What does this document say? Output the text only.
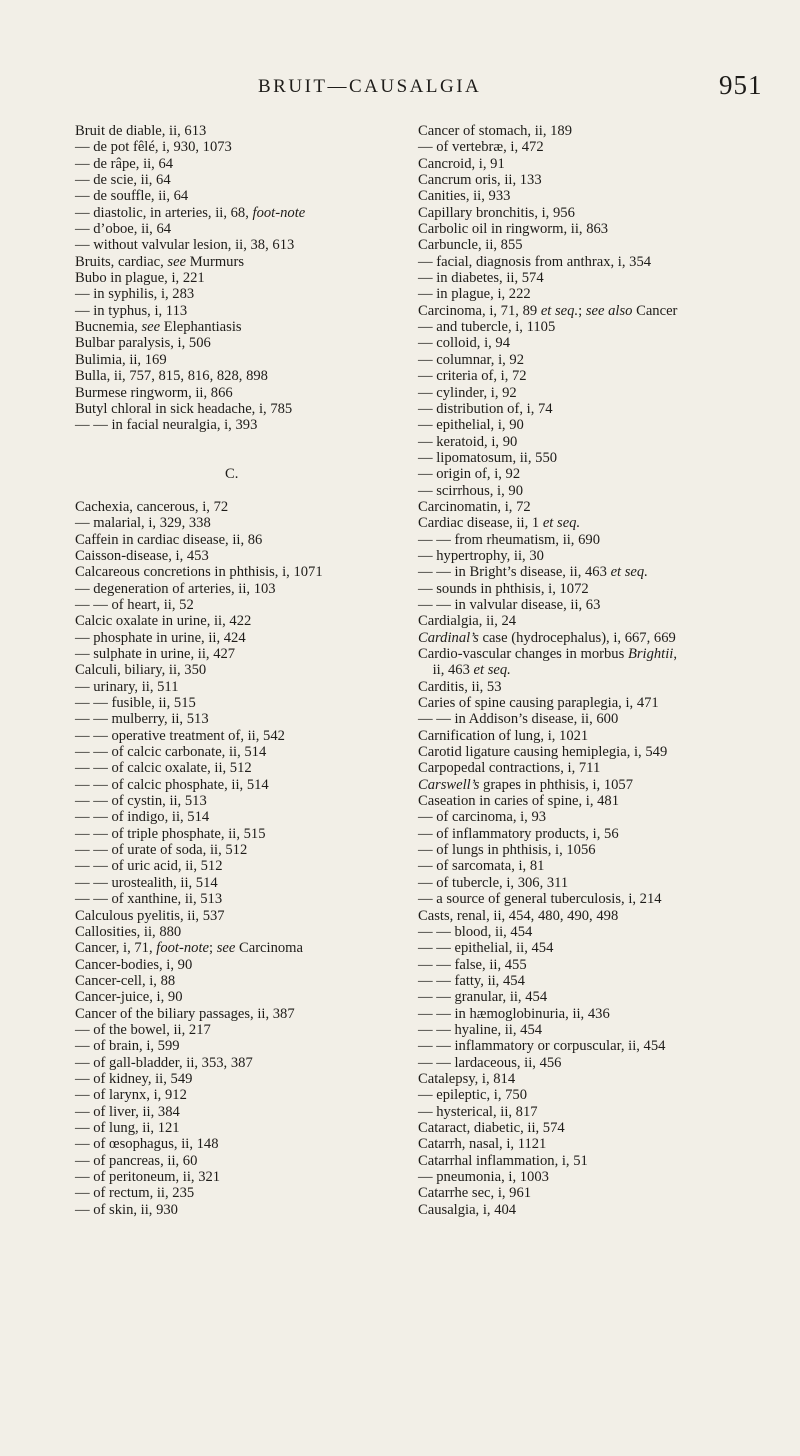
BRUIT—CAUSALGIA	951
Bruit de diable, ii, 613
— de pot fêlé, i, 930, 1073
— de râpe, ii, 64
— de scie, ii, 64
— de souffle, ii, 64
— diastolic, in arteries, ii, 68, foot-note
— d’oboe, ii, 64
— without valvular lesion, ii, 38, 613
Bruits, cardiac, see Murmurs
Bubo in plague, i, 221
— in syphilis, i, 283
— in typhus, i, 113
Bucnemia, see Elephantiasis
Bulbar paralysis, i, 506
Bulimia, ii, 169
Bulla, ii, 757, 815, 816, 828, 898
Burmese ringworm, ii, 866
Butyl chloral in sick headache, i, 785
— — in facial neuralgia, i, 393
C.
Cachexia, cancerous, i, 72
— malarial, i, 329, 338
Caffein in cardiac disease, ii, 86
Caisson-disease, i, 453
Calcareous concretions in phthisis, i, 1071
— degeneration of arteries, ii, 103
— — of heart, ii, 52
Calcic oxalate in urine, ii, 422
— phosphate in urine, ii, 424
— sulphate in urine, ii, 427
Calculi, biliary, ii, 350
— urinary, ii, 511
— — fusible, ii, 515
— — mulberry, ii, 513
— — operative treatment of, ii, 542
— — of calcic carbonate, ii, 514
— — of calcic oxalate, ii, 512
— — of calcic phosphate, ii, 514
— — of cystin, ii, 513
— — of indigo, ii, 514
— — of triple phosphate, ii, 515
— — of urate of soda, ii, 512
— — of uric acid, ii, 512
— — urostealith, ii, 514
— — of xanthine, ii, 513
Calculous pyelitis, ii, 537
Callosities, ii, 880
Cancer, i, 71, foot-note; see Carcinoma
Cancer-bodies, i, 90
Cancer-cell, i, 88
Cancer-juice, i, 90
Cancer of the biliary passages, ii, 387
— of the bowel, ii, 217
— of brain, i, 599
— of gall-bladder, ii, 353, 387
— of kidney, ii, 549
— of larynx, i, 912
— of liver, ii, 384
— of lung, ii, 121
— of œsophagus, ii, 148
— of pancreas, ii, 60
— of peritoneum, ii, 321
— of rectum, ii, 235
— of skin, ii, 930
Cancer of stomach, ii, 189
— of vertebræ, i, 472
Cancroid, i, 91
Cancrum oris, ii, 133
Canities, ii, 933
Capillary bronchitis, i, 956
Carbolic oil in ringworm, ii, 863
Carbuncle, ii, 855
— facial, diagnosis from anthrax, i, 354
— in diabetes, ii, 574
— in plague, i, 222
Carcinoma, i, 71, 89 et seq.; see also Cancer
— and tubercle, i, 1105
— colloid, i, 94
— columnar, i, 92
— criteria of, i, 72
— cylinder, i, 92
— distribution of, i, 74
— epithelial, i, 90
— keratoid, i, 90
— lipomatosum, ii, 550
— origin of, i, 92
— scirrhous, i, 90
Carcinomatin, i, 72
Cardiac disease, ii, 1 et seq.
— — from rheumatism, ii, 690
— hypertrophy, ii, 30
— — in Bright’s disease, ii, 463 et seq.
— sounds in phthisis, i, 1072
— — in valvular disease, ii, 63
Cardialgia, ii, 24
Cardinal’s case (hydrocephalus), i, 667, 669
Cardio-vascular changes in morbus Brightii,
ii, 463 et seq.
Carditis, ii, 53
Caries of spine causing paraplegia, i, 471
— — in Addison’s disease, ii, 600
Carnification of lung, i, 1021
Carotid ligature causing hemiplegia, i, 549
Carpopedal contractions, i, 711
Carswell’s grapes in phthisis, i, 1057
Caseation in caries of spine, i, 481
— of carcinoma, i, 93
— of inflammatory products, i, 56
— of lungs in phthisis, i, 1056
— of sarcomata, i, 81
— of tubercle, i, 306, 311
— a source of general tuberculosis, i, 214
Casts, renal, ii, 454, 480, 490, 498
— — blood, ii, 454
— — epithelial, ii, 454
— — false, ii, 455
— — fatty, ii, 454
— — granular, ii, 454
— — in hæmoglobinuria, ii, 436
— — hyaline, ii, 454
— — inflammatory or corpuscular, ii, 454
— — lardaceous, ii, 456
Catalepsy, i, 814
— epileptic, i, 750
— hysterical, ii, 817
Cataract, diabetic, ii, 574
Catarrh, nasal, i, 1121
Catarrhal inflammation, i, 51
— pneumonia, i, 1003
Catarrhe sec, i, 961
Causalgia, i, 404
